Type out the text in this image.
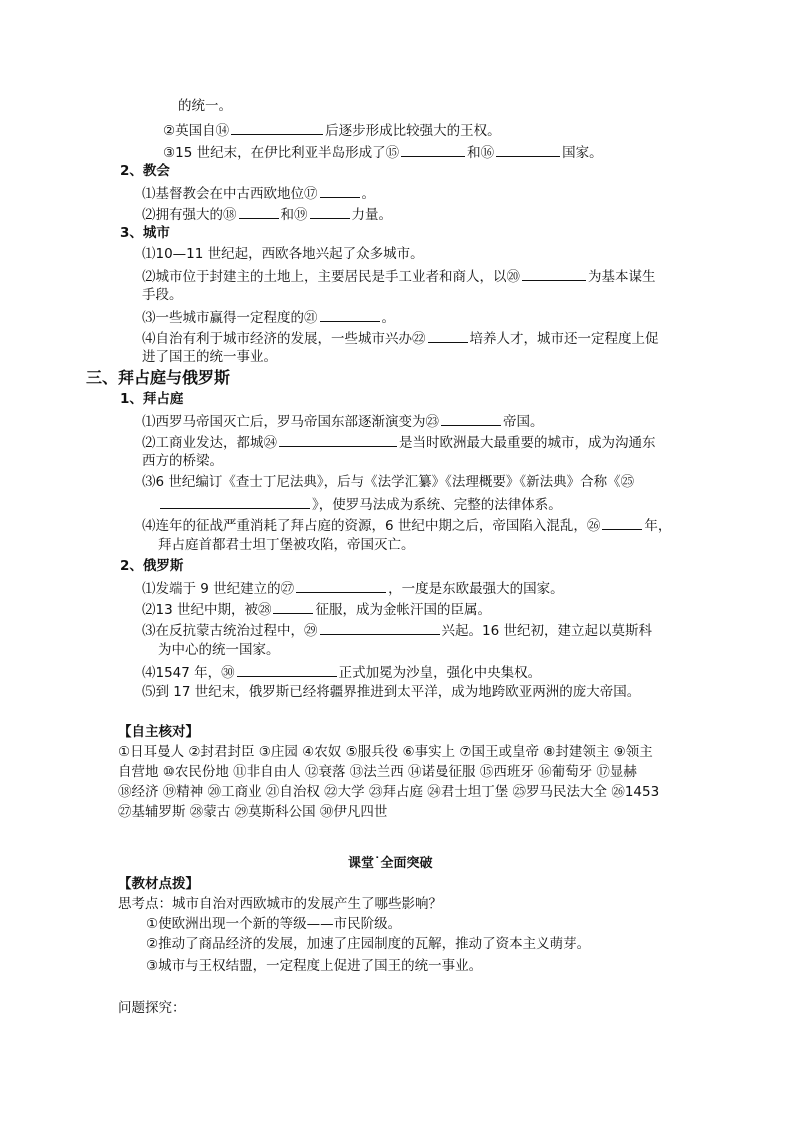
的统一。
②英国自⑭	后逐步形成比较强大的王权。
③15 世纪末，在伊比利亚半岛形成了⑮	和⑯	国家。
2、教会
⑴基督教会在中古西欧地位⑰	。
⑵拥有强大的⑱	和⑲	力量。
3、城市
⑴10—11 世纪起，西欧各地兴起了众多城市。
⑵城市位于封建主的土地上，主要居民是手工业者和商人，以⑳	为基本谋生
手段。
⑶一些城市赢得一定程度的㉑	。
⑷自治有利于城市经济的发展，一些城市兴办㉒	培养人才，城市还一定程度上促
进了国王的统一事业。
三、拜占庭与俄罗斯
1、拜占庭
⑴西罗马帝国灭亡后，罗马帝国东部逐渐演变为㉓	帝国。
⑵工商业发达，都城㉔	是当时欧洲最大最重要的城市，成为沟通东
西方的桥梁。
⑶6 世纪编订《查士丁尼法典》，后与《法学汇纂》《法理概要》《新法典》合称《㉕
》，使罗马法成为系统、完整的法律体系。
⑷连年的征战严重消耗了拜占庭的资源，6 世纪中期之后，帝国陷入混乱，㉖	年，
拜占庭首都君士坦丁堡被攻陷，帝国灭亡。
2、俄罗斯
⑴发端于 9 世纪建立的㉗	，一度是东欧最强大的国家。
⑵13 世纪中期，被㉘	征服，成为金帐汗国的臣属。
⑶在反抗蒙古统治过程中，㉙	兴起。16 世纪初，建立起以莫斯科
为中心的统一国家。
⑷1547 年，㉚	正式加冕为沙皇，强化中央集权。
⑸到 17 世纪末，俄罗斯已经将疆界推进到太平洋，成为地跨欧亚两洲的庞大帝国。
【自主核对】
①日耳曼人 ②封君封臣 ③庄园 ④农奴 ⑤服兵役 ⑥事实上 ⑦国王或皇帝 ⑧封建领主 ⑨领主
自营地 ⑩农民份地 ⑪非自由人 ⑫衰落 ⑬法兰西 ⑭诺曼征服 ⑮西班牙 ⑯葡萄牙 ⑰显赫
⑱经济 ⑲精神 ⑳工商业 ㉑自治权 ㉒大学 ㉓拜占庭 ㉔君士坦丁堡 ㉕罗马民法大全 ㉖1453
㉗基辅罗斯 ㉘蒙古 ㉙莫斯科公国 ㉚伊凡四世
课堂˙全面突破
【教材点拨】
思考点：城市自治对西欧城市的发展产生了哪些影响？
①使欧洲出现一个新的等级——市民阶级。
②推动了商品经济的发展，加速了庄园制度的瓦解，推动了资本主义萌芽。
③城市与王权结盟，一定程度上促进了国王的统一事业。
问题探究：
